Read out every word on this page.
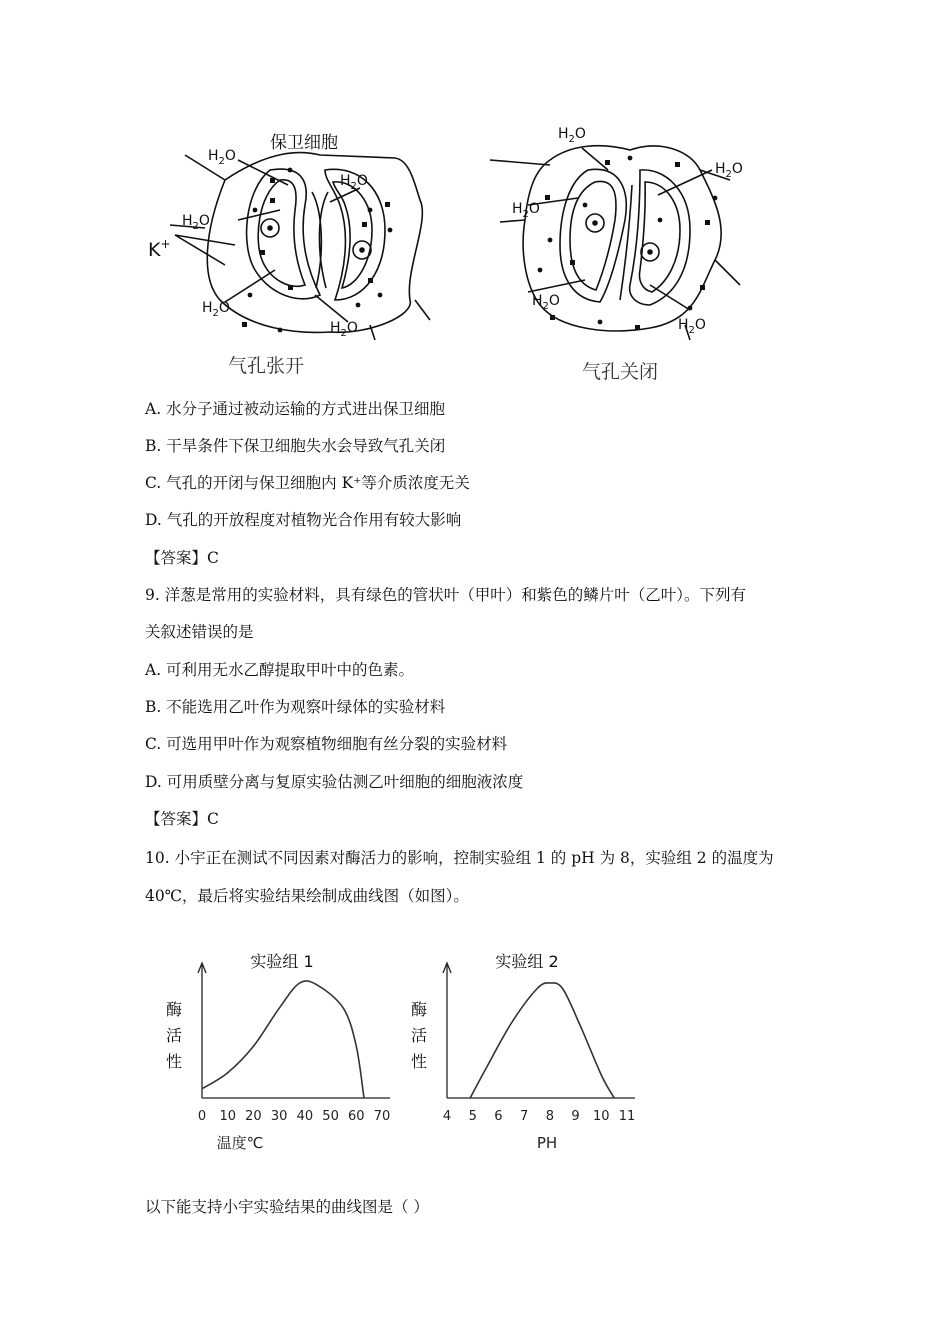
保卫细胞
$H_2O$
$H_2O$
$H_2O$
K+
$H_2O$
$H_2O$
气孔张开
$H_2O$
$H_2O$
$H_2O$
$H_2O$
$H_2O$
气孔关闭
A. 水分子通过被动运输的方式进出保卫细胞
B. 干旱条件下保卫细胞失水会导致气孔关闭
C. 气孔的开闭与保卫细胞内 K⁺等介质浓度无关
D. 气孔的开放程度对植物光合作用有较大影响
【答案】C
9. 洋葱是常用的实验材料，具有绿色的管状叶（甲叶）和紫色的鳞片叶（乙叶）。下列有
关叙述错误的是
A. 可利用无水乙醇提取甲叶中的色素。
B. 不能选用乙叶作为观察叶绿体的实验材料
C. 可选用甲叶作为观察植物细胞有丝分裂的实验材料
D. 可用质壁分离与复原实验估测乙叶细胞的细胞液浓度
【答案】C
10. 小宇正在测试不同因素对酶活力的影响，控制实验组 1 的 pH 为 8，实验组 2 的温度为
40℃，最后将实验结果绘制成曲线图（如图）。
实验组 1
酶
活
性
0 10 20 30 40 50 60 70
温度℃
实验组 2
酶
活
性
4 5 6 7 8 9 10 11
PH
以下能支持小宇实验结果的曲线图是（ ）
